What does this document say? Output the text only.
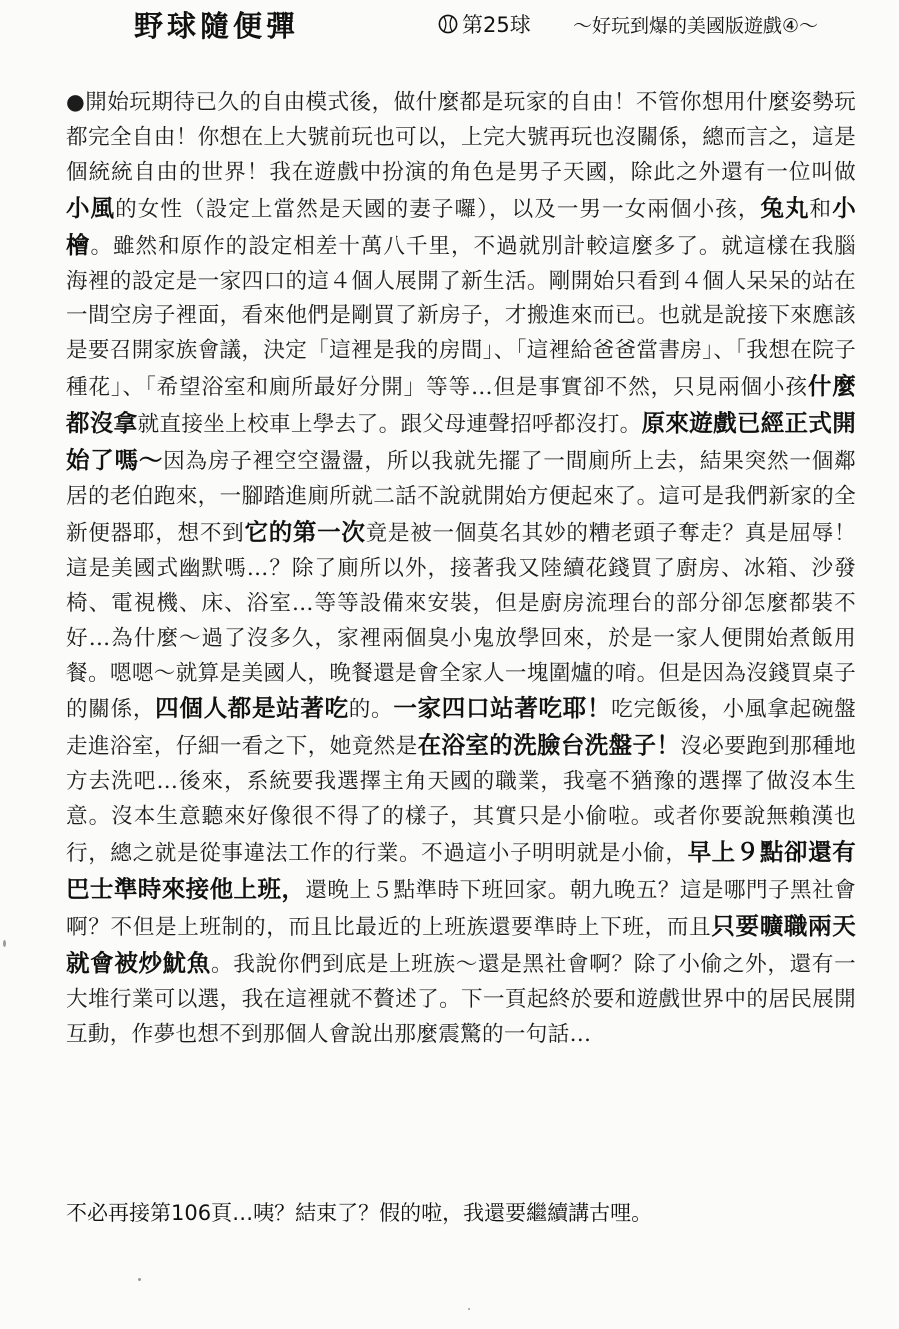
野球隨便彈	第25球 ～好玩到爆的美國版遊戲④～

●開始玩期待已久的自由模式後，做什麼都是玩家的自由！不管你想用什麼姿勢玩都完全自由！你想在上大號前玩也可以，上完大號再玩也沒關係，總而言之，這是個統統自由的世界！我在遊戲中扮演的角色是男子天國，除此之外還有一位叫做小風的女性（設定上當然是天國的妻子囉），以及一男一女兩個小孩，兔丸和小檜。雖然和原作的設定相差十萬八千里，不過就別計較這麼多了。就這樣在我腦海裡的設定是一家四口的這４個人展開了新生活。剛開始只看到４個人呆呆的站在一間空房子裡面，看來他們是剛買了新房子，才搬進來而已。也就是說接下來應該是要召開家族會議，決定「這裡是我的房間」、「這裡給爸爸當書房」、「我想在院子種花」、「希望浴室和廁所最好分開」等等…但是事實卻不然，只見兩個小孩什麼都沒拿就直接坐上校車上學去了。跟父母連聲招呼都沒打。原來遊戲已經正式開始了嗎～因為房子裡空空盪盪，所以我就先擺了一間廁所上去，結果突然一個鄰居的老伯跑來，一腳踏進廁所就二話不說就開始方便起來了。這可是我們新家的全新便器耶，想不到它的第一次竟是被一個莫名其妙的糟老頭子奪走？真是屈辱！這是美國式幽默嗎…？除了廁所以外，接著我又陸續花錢買了廚房、冰箱、沙發椅、電視機、床、浴室…等等設備來安裝，但是廚房流理台的部分卻怎麼都裝不好…為什麼～過了沒多久，家裡兩個臭小鬼放學回來，於是一家人便開始煮飯用餐。嗯嗯～就算是美國人，晚餐還是會全家人一塊圍爐的唷。但是因為沒錢買桌子的關係，四個人都是站著吃的。一家四口站著吃耶！吃完飯後，小風拿起碗盤走進浴室，仔細一看之下，她竟然是在浴室的洗臉台洗盤子！沒必要跑到那種地方去洗吧…後來，系統要我選擇主角天國的職業，我毫不猶豫的選擇了做沒本生意。沒本生意聽來好像很不得了的樣子，其實只是小偷啦。或者你要說無賴漢也行，總之就是從事違法工作的行業。不過這小子明明就是小偷，早上９點卻還有巴士準時來接他上班，還晚上５點準時下班回家。朝九晚五？這是哪門子黑社會啊？不但是上班制的，而且比最近的上班族還要準時上下班，而且只要曠職兩天就會被炒魷魚。我說你們到底是上班族～還是黑社會啊？除了小偷之外，還有一大堆行業可以選，我在這裡就不贅述了。下一頁起終於要和遊戲世界中的居民展開互動，作夢也想不到那個人會說出那麼震驚的一句話…

不必再接第106頁…咦？結束了？假的啦，我還要繼續講古哩。
